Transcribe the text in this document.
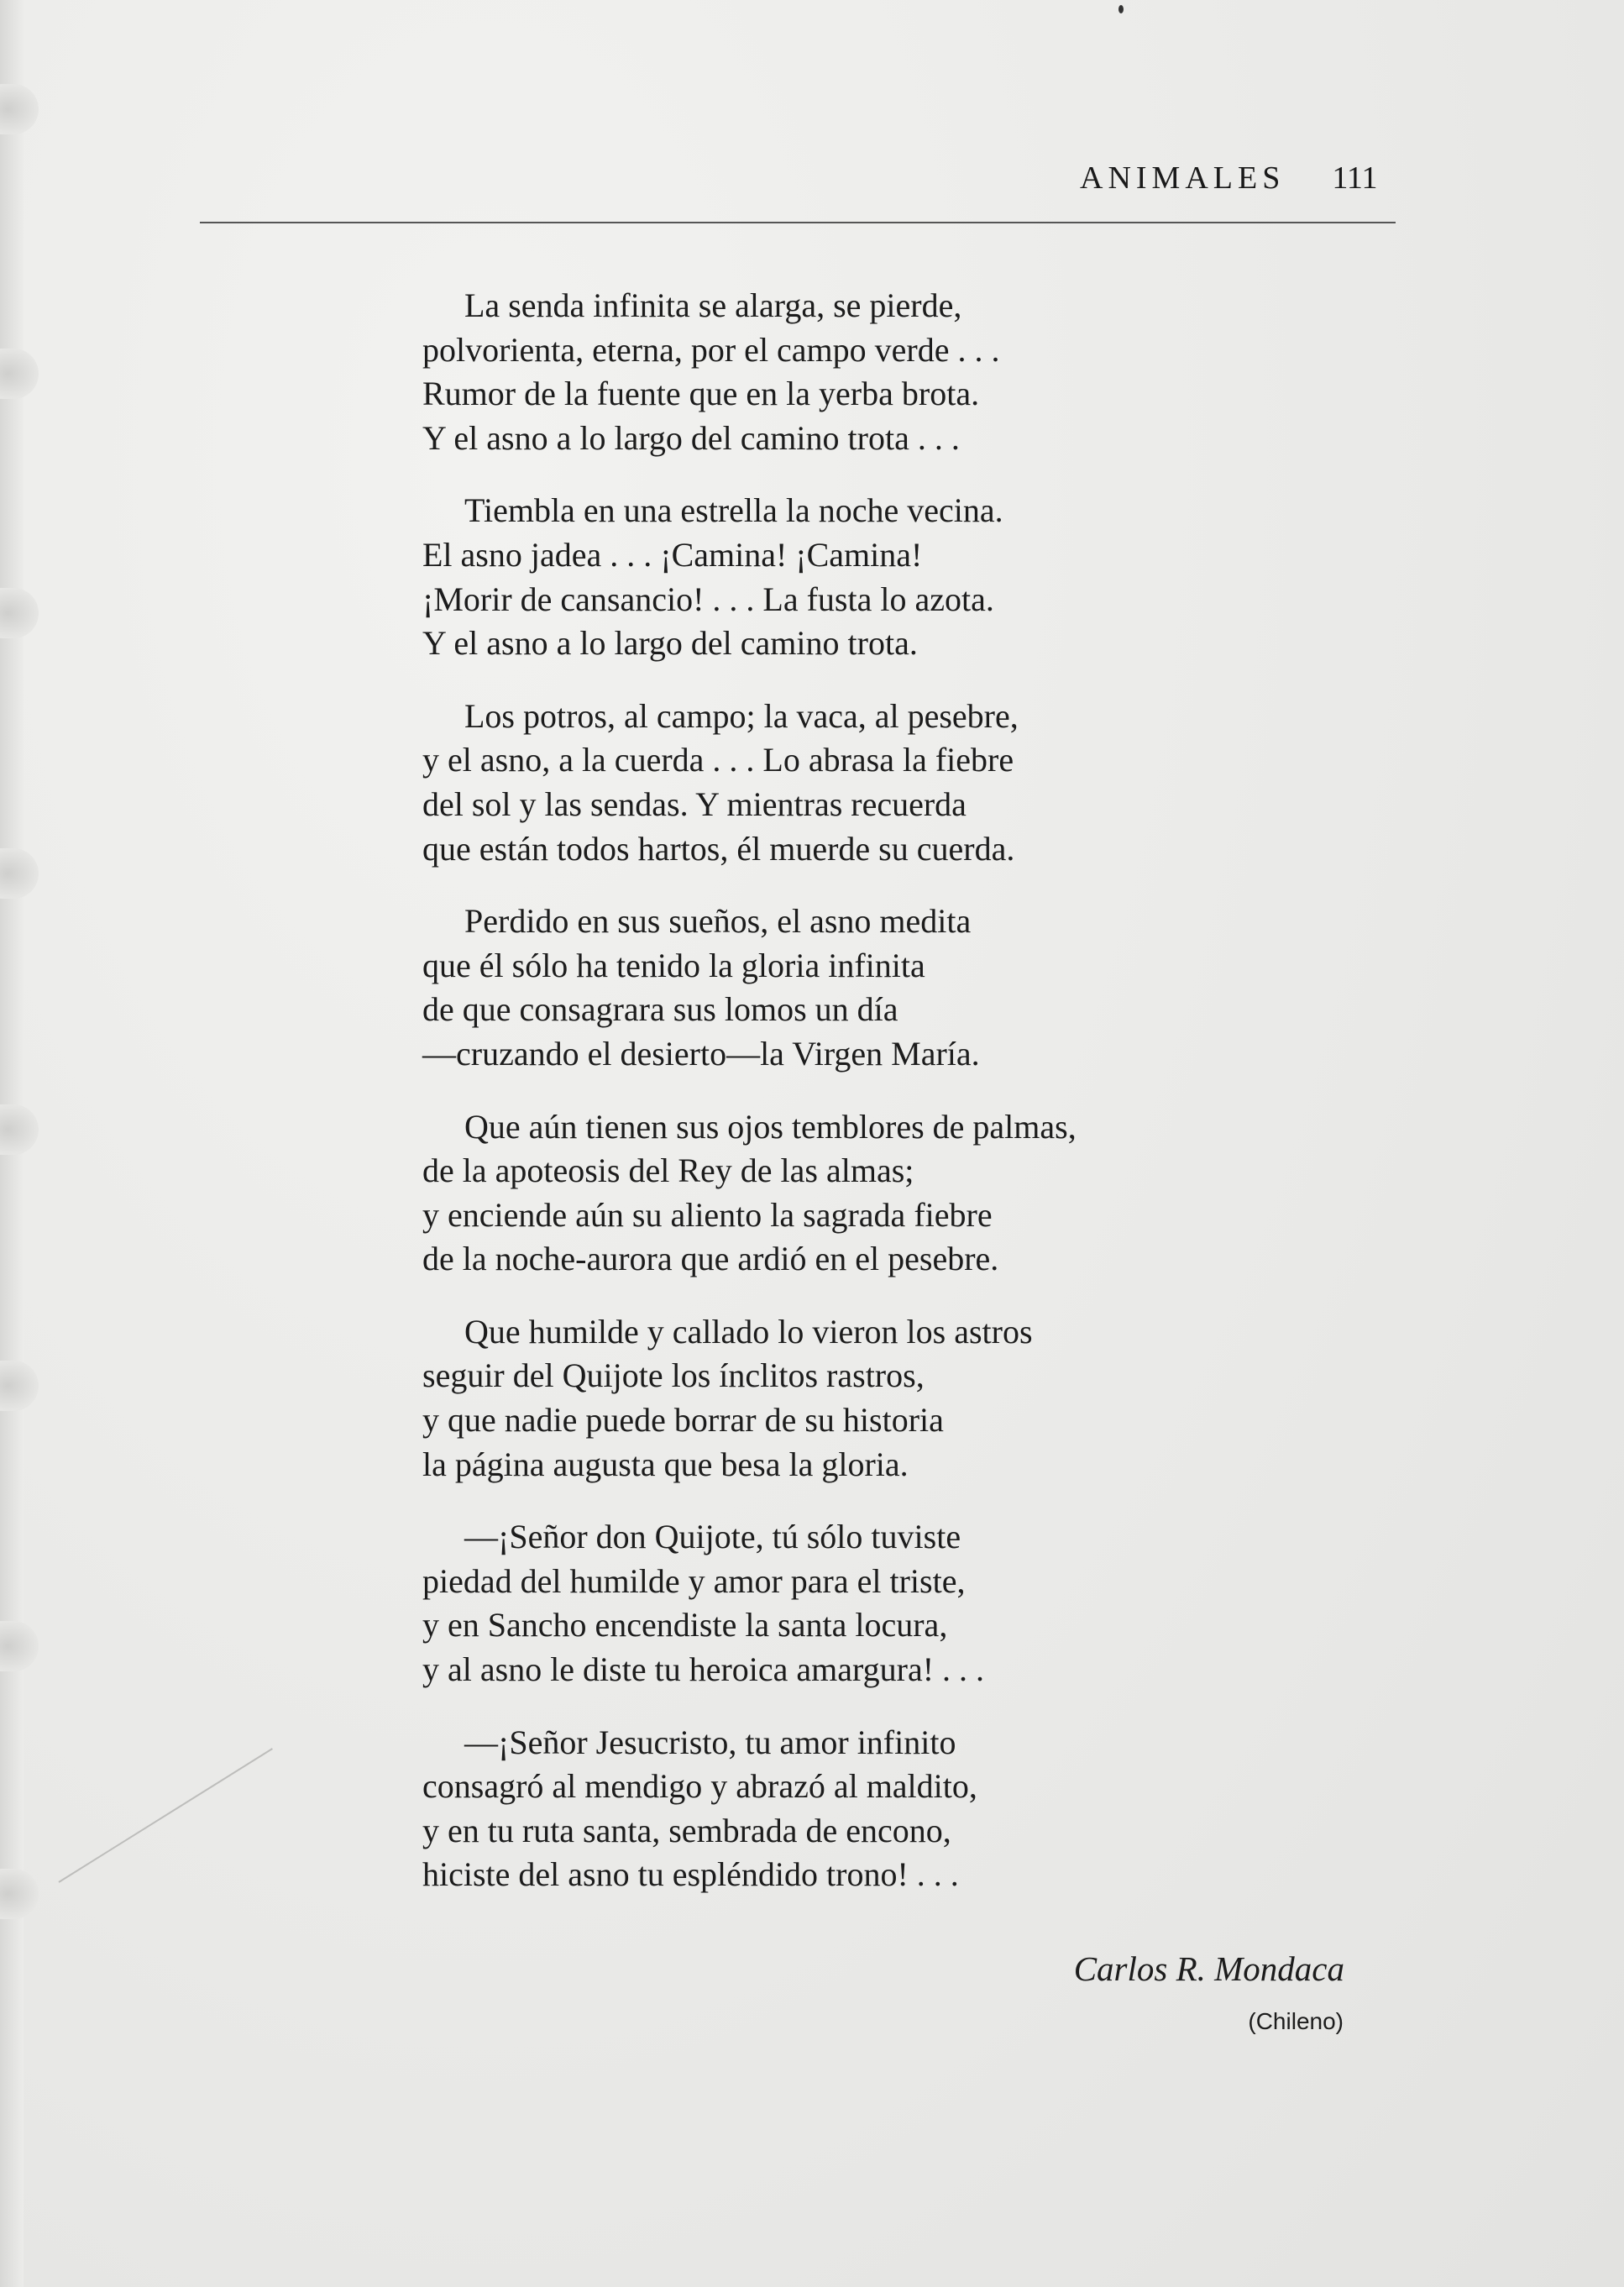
ANIMALES 111
La senda infinita se alarga, se pierde,
polvorienta, eterna, por el campo verde . . .
Rumor de la fuente que en la yerba brota.
Y el asno a lo largo del camino trota . . .
Tiembla en una estrella la noche vecina.
El asno jadea . . . ¡Camina! ¡Camina!
¡Morir de cansancio! . . . La fusta lo azota.
Y el asno a lo largo del camino trota.
Los potros, al campo; la vaca, al pesebre,
y el asno, a la cuerda . . . Lo abrasa la fiebre
del sol y las sendas. Y mientras recuerda
que están todos hartos, él muerde su cuerda.
Perdido en sus sueños, el asno medita
que él sólo ha tenido la gloria infinita
de que consagrara sus lomos un día
—cruzando el desierto—la Virgen María.
Que aún tienen sus ojos temblores de palmas,
de la apoteosis del Rey de las almas;
y enciende aún su aliento la sagrada fiebre
de la noche-aurora que ardió en el pesebre.
Que humilde y callado lo vieron los astros
seguir del Quijote los ínclitos rastros,
y que nadie puede borrar de su historia
la página augusta que besa la gloria.
—¡Señor don Quijote, tú sólo tuviste
piedad del humilde y amor para el triste,
y en Sancho encendiste la santa locura,
y al asno le diste tu heroica amargura! . . .
—¡Señor Jesucristo, tu amor infinito
consagró al mendigo y abrazó al maldito,
y en tu ruta santa, sembrada de encono,
hiciste del asno tu espléndido trono! . . .
Carlos R. Mondaca
(Chileno)
